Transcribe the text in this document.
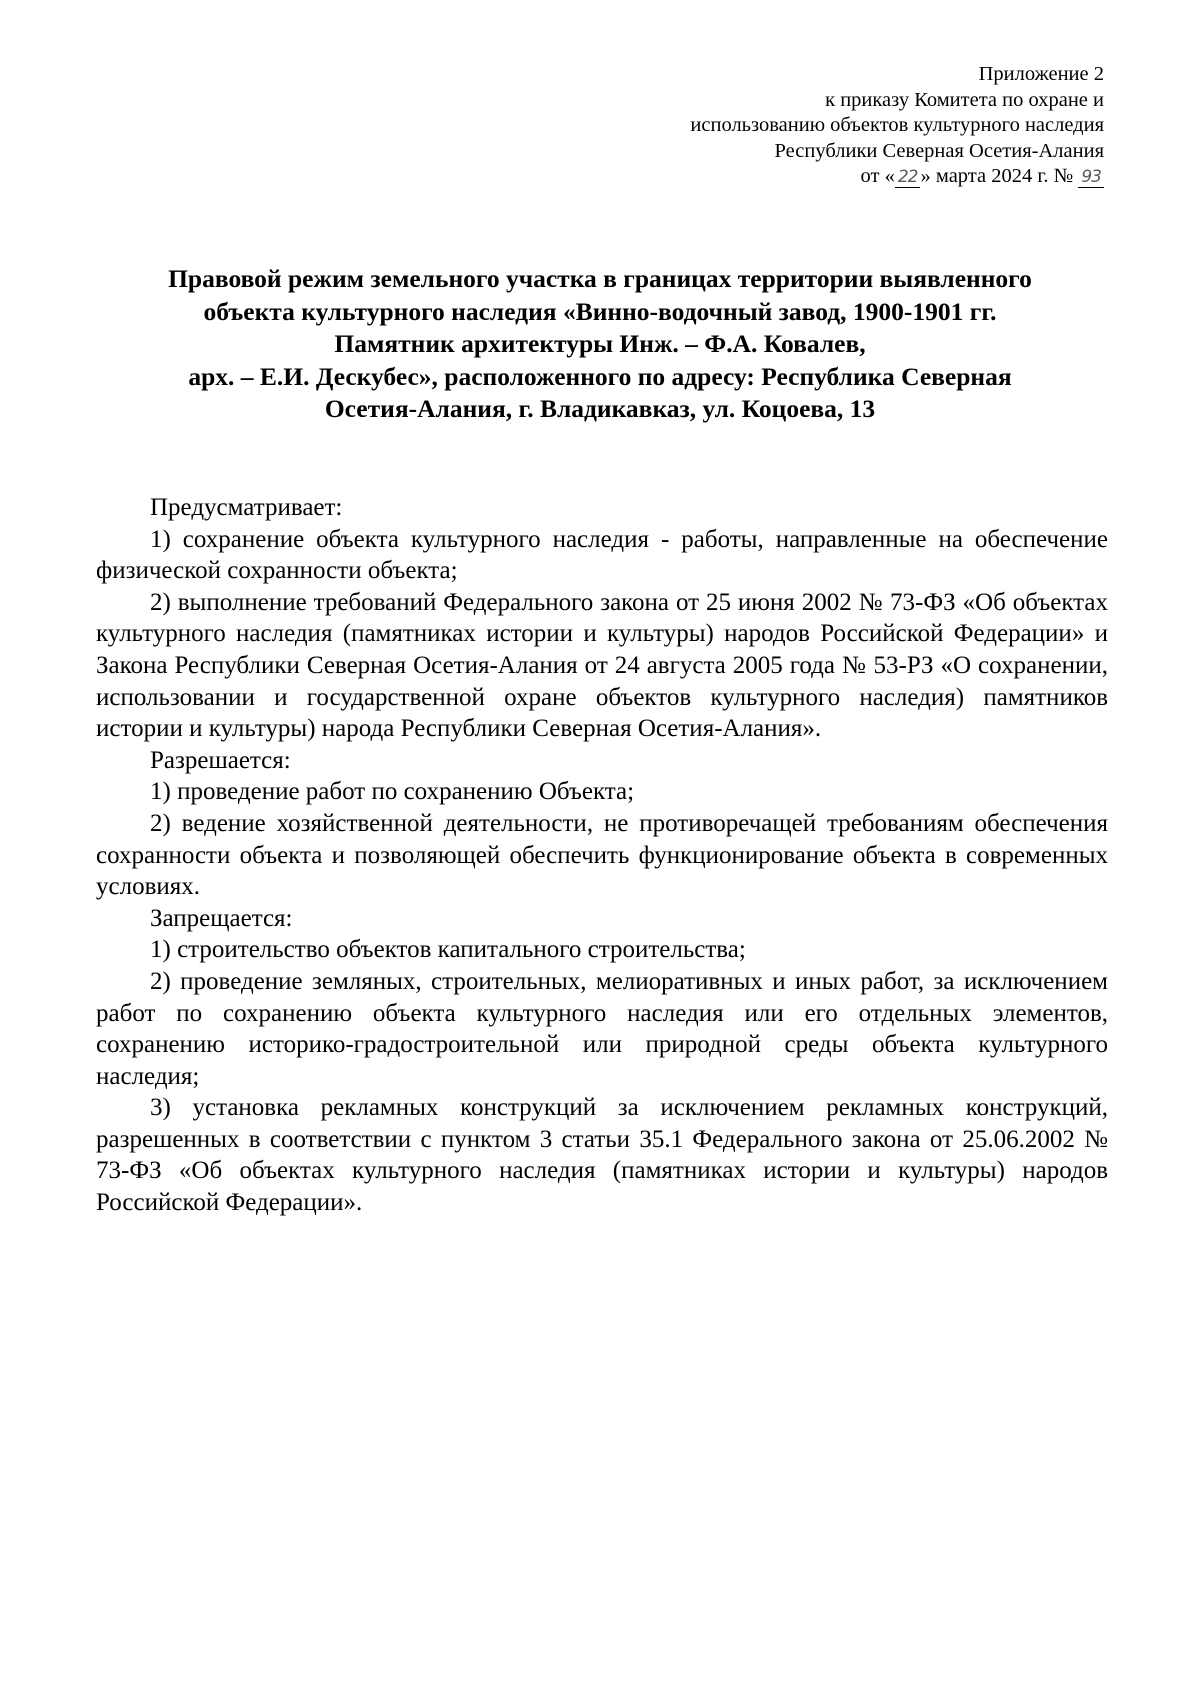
Приложение 2
к приказу Комитета по охране и
использованию объектов культурного наследия
Республики Северная Осетия-Алания
от « 22 » марта 2024 г. № 93
Правовой режим земельного участка в границах территории выявленного
объекта культурного наследия «Винно-водочный завод, 1900-1901 гг.
Памятник архитектуры Инж. – Ф.А. Ковалев,
арх. – Е.И. Дескубес», расположенного по адресу: Республика Северная
Осетия-Алания, г. Владикавказ, ул. Коцоева, 13

Предусматривает:

1) сохранение объекта культурного наследия - работы, направленные на обеспечение физической сохранности объекта;

2) выполнение требований Федерального закона от 25 июня 2002 № 73-ФЗ «Об объектах культурного наследия (памятниках истории и культуры) народов Российской Федерации» и Закона Республики Северная Осетия-Алания от 24 августа 2005 года № 53-РЗ «О сохранении, использовании и государственной охране объектов культурного наследия) памятников истории и культуры) народа Республики Северная Осетия-Алания».

Разрешается:

1) проведение работ по сохранению Объекта;

2) ведение хозяйственной деятельности, не противоречащей требованиям обеспечения сохранности объекта и позволяющей обеспечить функционирование объекта в современных условиях.

Запрещается:

1) строительство объектов капитального строительства;

2) проведение земляных, строительных, мелиоративных и иных работ, за исключением работ по сохранению объекта культурного наследия или его отдельных элементов, сохранению историко-градостроительной или природной среды объекта культурного наследия;

3) установка рекламных конструкций за исключением рекламных конструкций, разрешенных в соответствии с пунктом 3 статьи 35.1 Федерального закона от 25.06.2002 № 73-ФЗ «Об объектах культурного наследия (памятниках истории и культуры) народов Российской Федерации».
